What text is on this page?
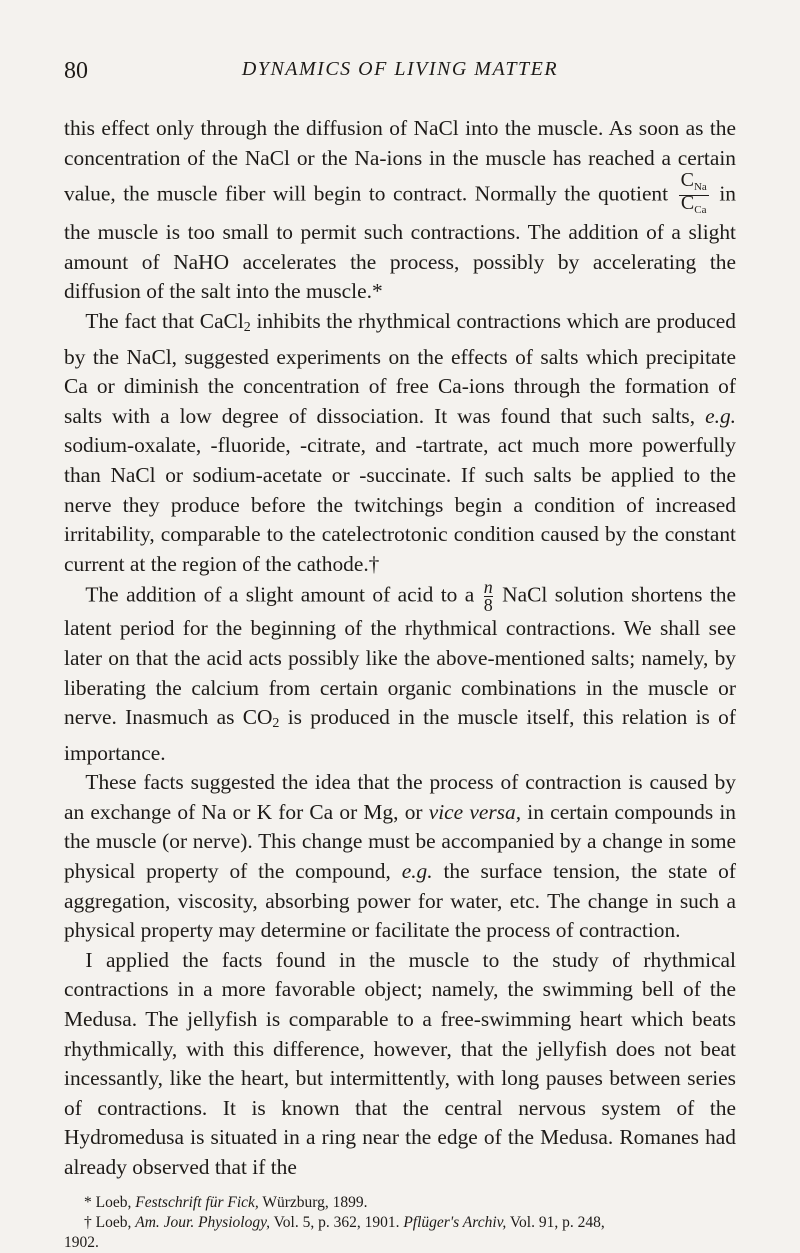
80	DYNAMICS OF LIVING MATTER

this effect only through the diffusion of NaCl into the muscle. As soon as the concentration of the NaCl or the Na-ions in the muscle has reached a certain value, the muscle fiber will begin to contract. Normally the quotient $\frac{C_{Na}}{C_{Ca}}$ in the muscle is too small to permit such contractions. The addition of a slight amount of NaHO accelerates the process, possibly by accelerating the diffusion of the salt into the muscle.*

 The fact that CaCl$_2$ inhibits the rhythmical contractions which are produced by the NaCl, suggested experiments on the effects of salts which precipitate Ca or diminish the concentration of free Ca-ions through the formation of salts with a low degree of dissociation. It was found that such salts, e.g. sodium-oxalate, -fluoride, -citrate, and -tartrate, act much more powerfully than NaCl or sodium-acetate or -succinate. If such salts be applied to the nerve they produce before the twitchings begin a condition of increased irritability, comparable to the catelectrotonic condition caused by the constant current at the region of the cathode.†

 The addition of a slight amount of acid to a $\frac{n}{8}$ NaCl solution shortens the latent period for the beginning of the rhythmical contractions. We shall see later on that the acid acts possibly like the above-mentioned salts; namely, by liberating the calcium from certain organic combinations in the muscle or nerve. Inasmuch as $CO_2$ is produced in the muscle itself, this relation is of importance.

 These facts suggested the idea that the process of contraction is caused by an exchange of Na or K for Ca or Mg, or vice versa, in certain compounds in the muscle (or nerve). This change must be accompanied by a change in some physical property of the compound, e.g. the surface tension, the state of aggregation, viscosity, absorbing power for water, etc. The change in such a physical property may determine or facilitate the process of contraction.

 I applied the facts found in the muscle to the study of rhythmical contractions in a more favorable object; namely, the swimming bell of the Medusa. The jellyfish is comparable to a free-swimming heart which beats rhythmically, with this difference, however, that the jellyfish does not beat incessantly, like the heart, but intermittently, with long pauses between series of contractions. It is known that the central nervous system of the Hydromedusa is situated in a ring near the edge of the Medusa. Romanes had already observed that if the

* Loeb, Festschrift für Fick, Würzburg, 1899.

† Loeb, Am. Jour. Physiology, Vol. 5, p. 362, 1901. Pflüger's Archiv, Vol. 91, p. 248,

1902.
